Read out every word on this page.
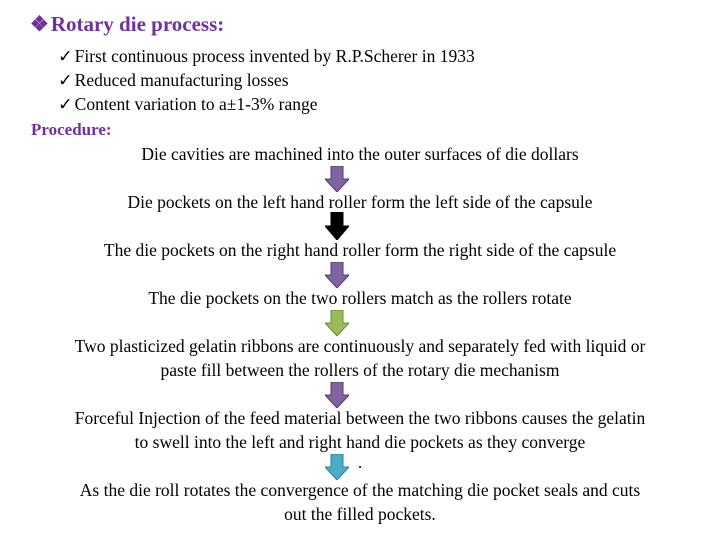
❖Rotary die process:
✓ First continuous process invented by R.P.Scherer in 1933
✓ Reduced manufacturing losses
✓ Content variation to a±1-3% range
Procedure:
Die cavities are machined into the outer surfaces of die dollars
Die pockets on the left hand roller form the left side of the capsule
The die pockets on the right hand roller form the right side of the capsule
The die pockets on the two rollers match as the rollers rotate
Two plasticized gelatin ribbons are continuously and separately fed with liquid or
paste fill between the rollers of the rotary die mechanism
Forceful Injection of the feed material between the two ribbons causes the gelatin
to swell into the left and right hand die pockets as they converge
.
As the die roll rotates the convergence of the matching die pocket seals and cuts
out the filled pockets.
